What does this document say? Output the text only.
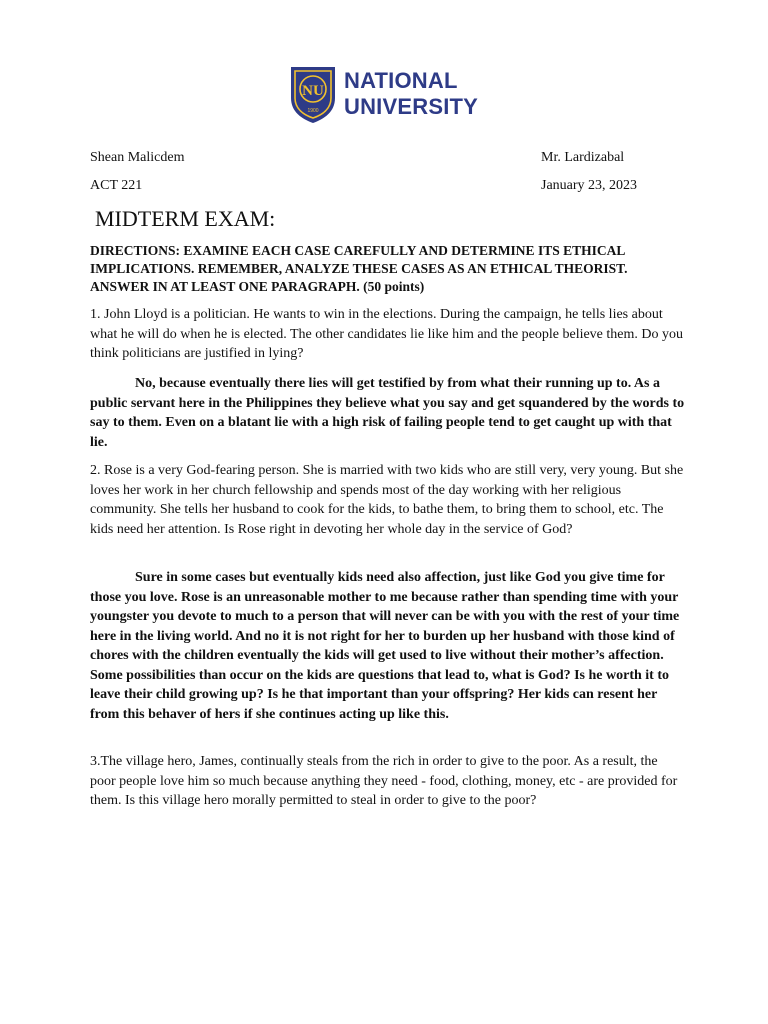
NU
1900
NATIONAL
UNIVERSITY
Shean Malicdem
ACT 221
Mr. Lardizabal
January 23, 2023
MIDTERM EXAM:

DIRECTIONS: EXAMINE EACH CASE CAREFULLY AND DETERMINE ITS ETHICAL IMPLICATIONS. REMEMBER, ANALYZE THESE CASES AS AN ETHICAL THEORIST. ANSWER IN AT LEAST ONE PARAGRAPH. (50 points)

1. John Lloyd is a politician. He wants to win in the elections. During the campaign, he tells lies about what he will do when he is elected. The other candidates lie like him and the people believe them. Do you think politicians are justified in lying?

No, because eventually there lies will get testified by from what their running up to. As a public servant here in the Philippines they believe what you say and get squandered by the words to say to them. Even on a blatant lie with a high risk of failing people tend to get caught up with that lie.

2. Rose is a very God-fearing person. She is married with two kids who are still very, very young. But she loves her work in her church fellowship and spends most of the day working with her religious community. She tells her husband to cook for the kids, to bathe them, to bring them to school, etc. The kids need her attention. Is Rose right in devoting her whole day in the service of God?

Sure in some cases but eventually kids need also affection, just like God you give time for those you love. Rose is an unreasonable mother to me because rather than spending time with your youngster you devote to much to a person that will never can be with you with the rest of your time here in the living world. And no it is not right for her to burden up her husband with those kind of chores with the children eventually the kids will get used to live without their mother’s affection. Some possibilities than occur on the kids are questions that lead to, what is God? Is he worth it to leave their child growing up? Is he that important than your offspring? Her kids can resent her from this behaver of hers if she continues acting up like this.

3.The village hero, James, continually steals from the rich in order to give to the poor. As a result, the poor people love him so much because anything they need - food, clothing, money, etc - are provided for them. Is this village hero morally permitted to steal in order to give to the poor?
